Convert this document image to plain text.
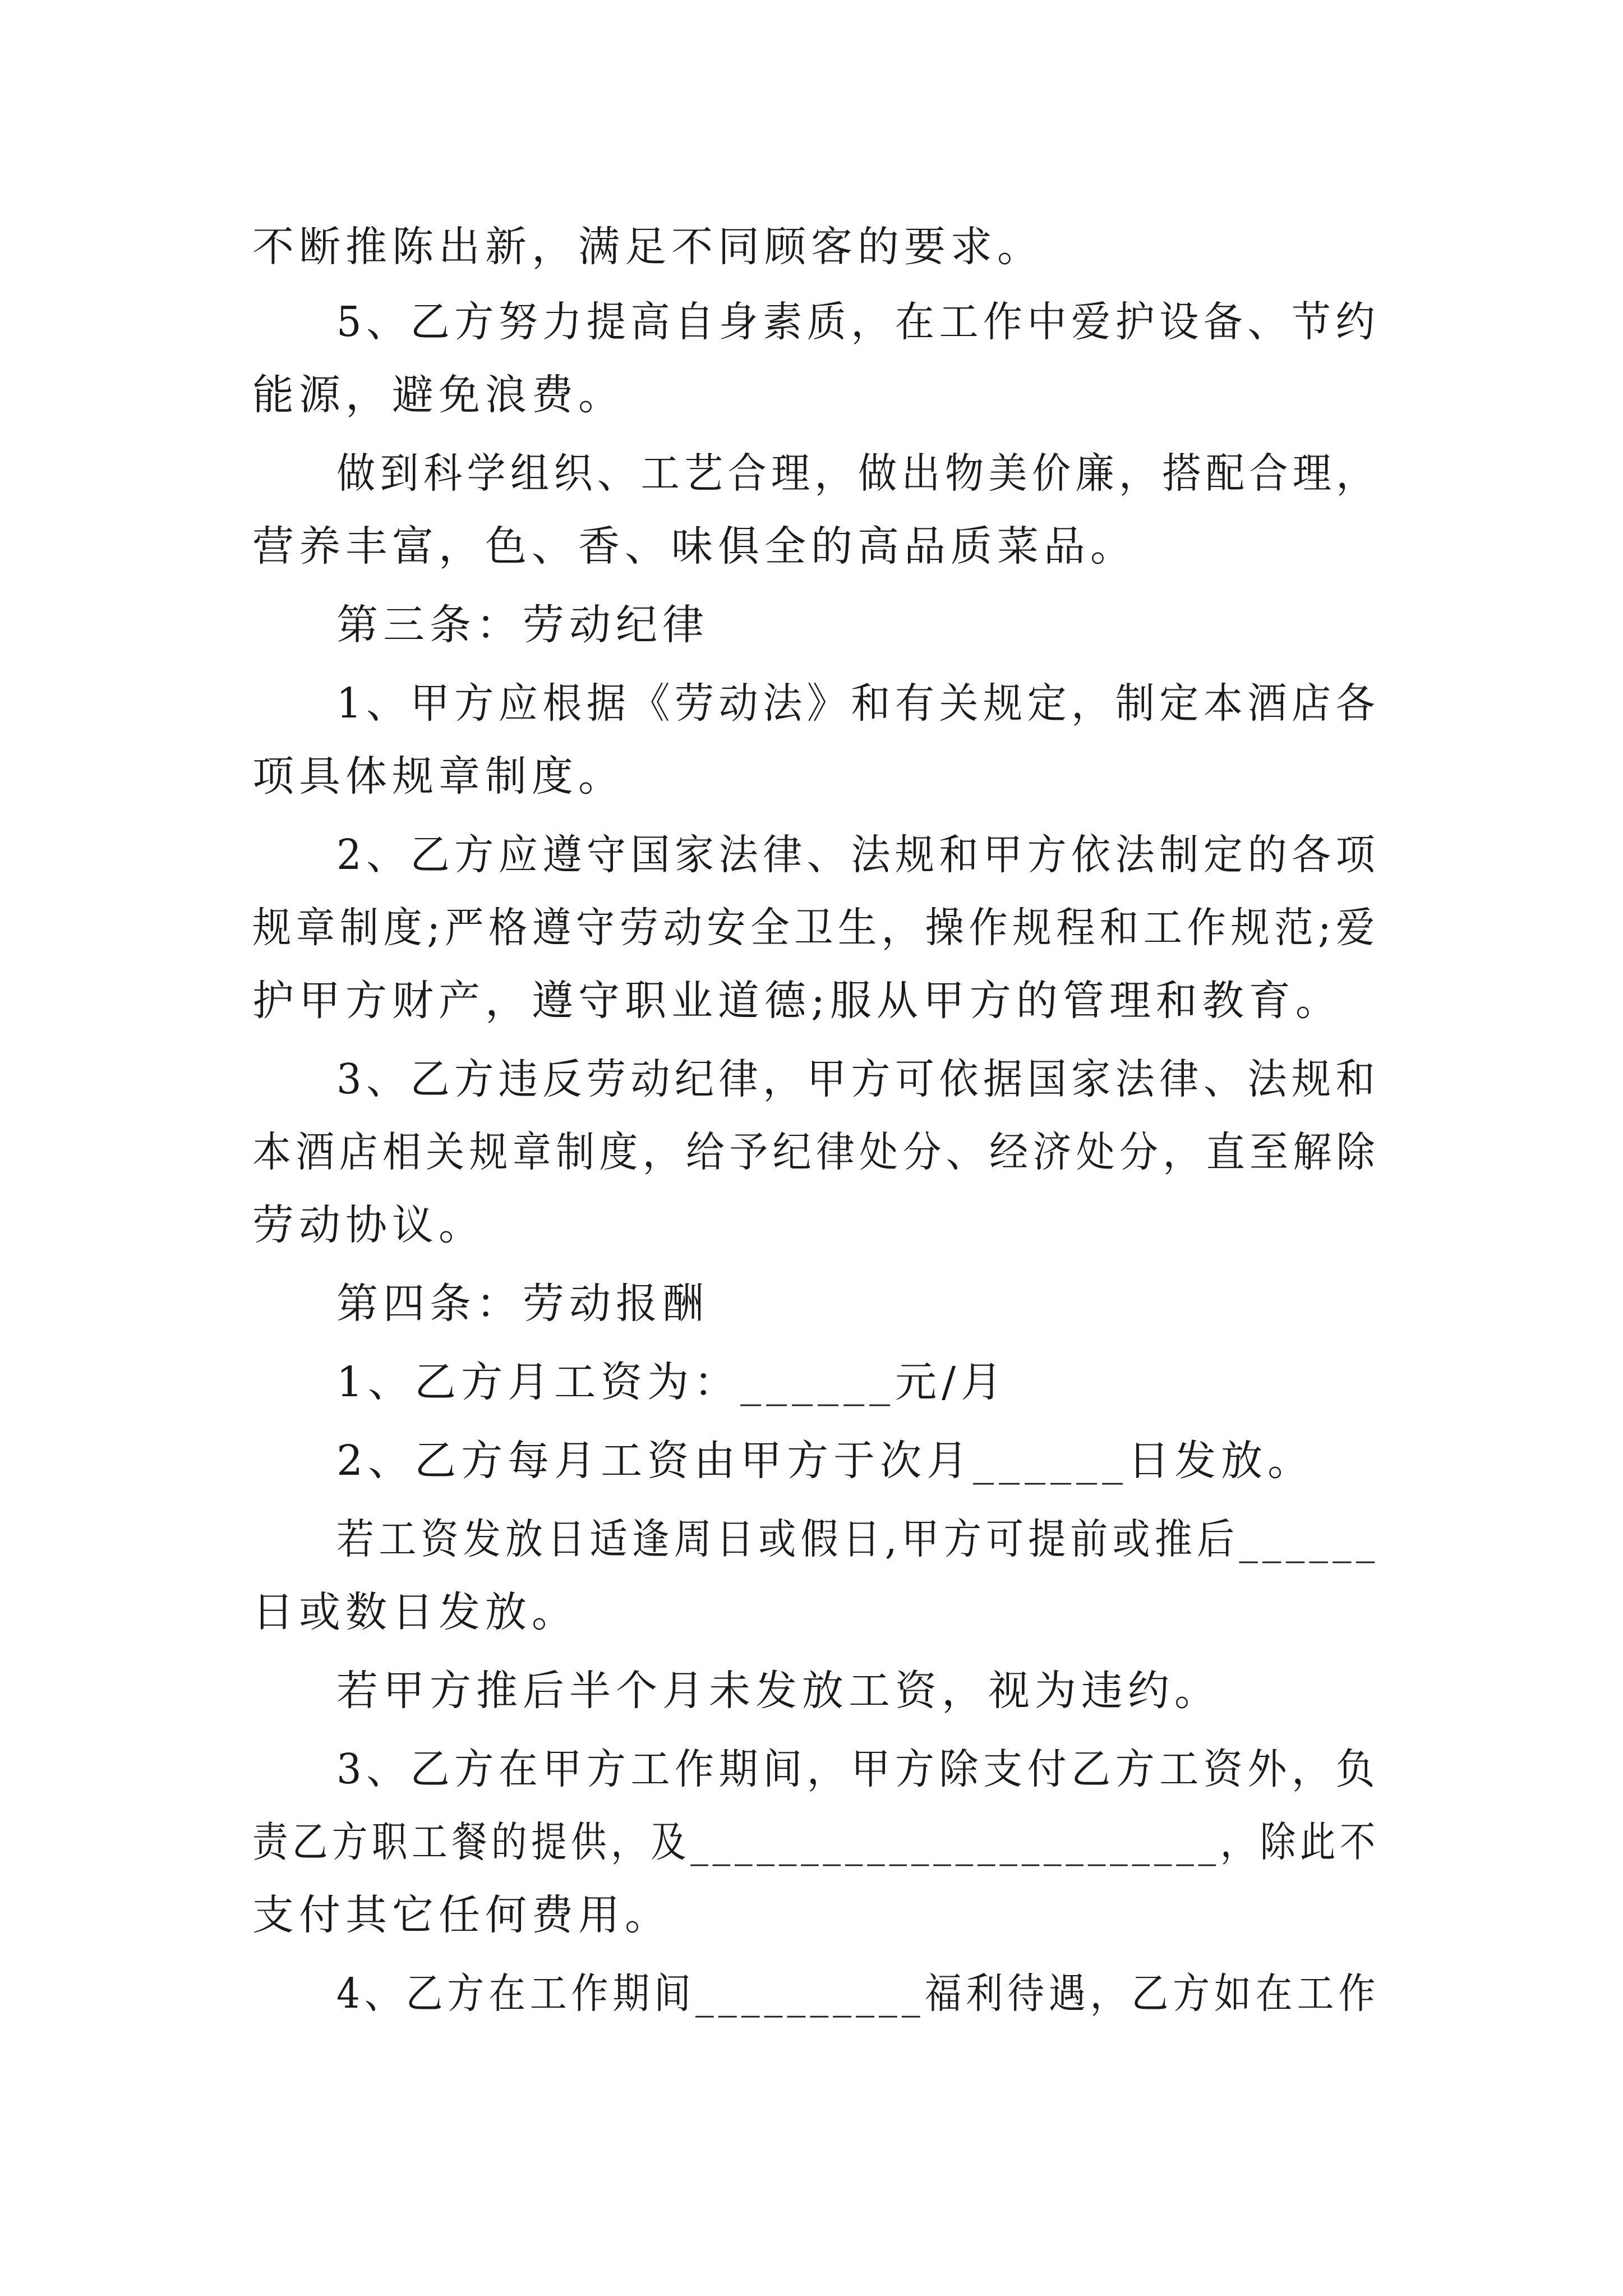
不断推陈出新，满足不同顾客的要求。
5、乙方努力提高自身素质，在工作中爱护设备、节约
能源，避免浪费。
做到科学组织、工艺合理，做出物美价廉，搭配合理，
营养丰富，色、香、味俱全的高品质菜品。
第三条：劳动纪律
1、甲方应根据《劳动法》和有关规定，制定本酒店各
项具体规章制度。
2、乙方应遵守国家法律、法规和甲方依法制定的各项
规章制度;严格遵守劳动安全卫生，操作规程和工作规范;爱
护甲方财产，遵守职业道德;服从甲方的管理和教育。
3、乙方违反劳动纪律，甲方可依据国家法律、法规和
本酒店相关规章制度，给予纪律处分、经济处分，直至解除
劳动协议。
第四条：劳动报酬
1、乙方月工资为：______元/月
2、乙方每月工资由甲方于次月______日发放。
若工资发放日适逢周日或假日,甲方可提前或推后______
日或数日发放。
若甲方推后半个月未发放工资，视为违约。
3、乙方在甲方工作期间，甲方除支付乙方工资外，负
责乙方职工餐的提供，及________________________，除此不
支付其它任何费用。
4、乙方在工作期间__________福利待遇，乙方如在工作
